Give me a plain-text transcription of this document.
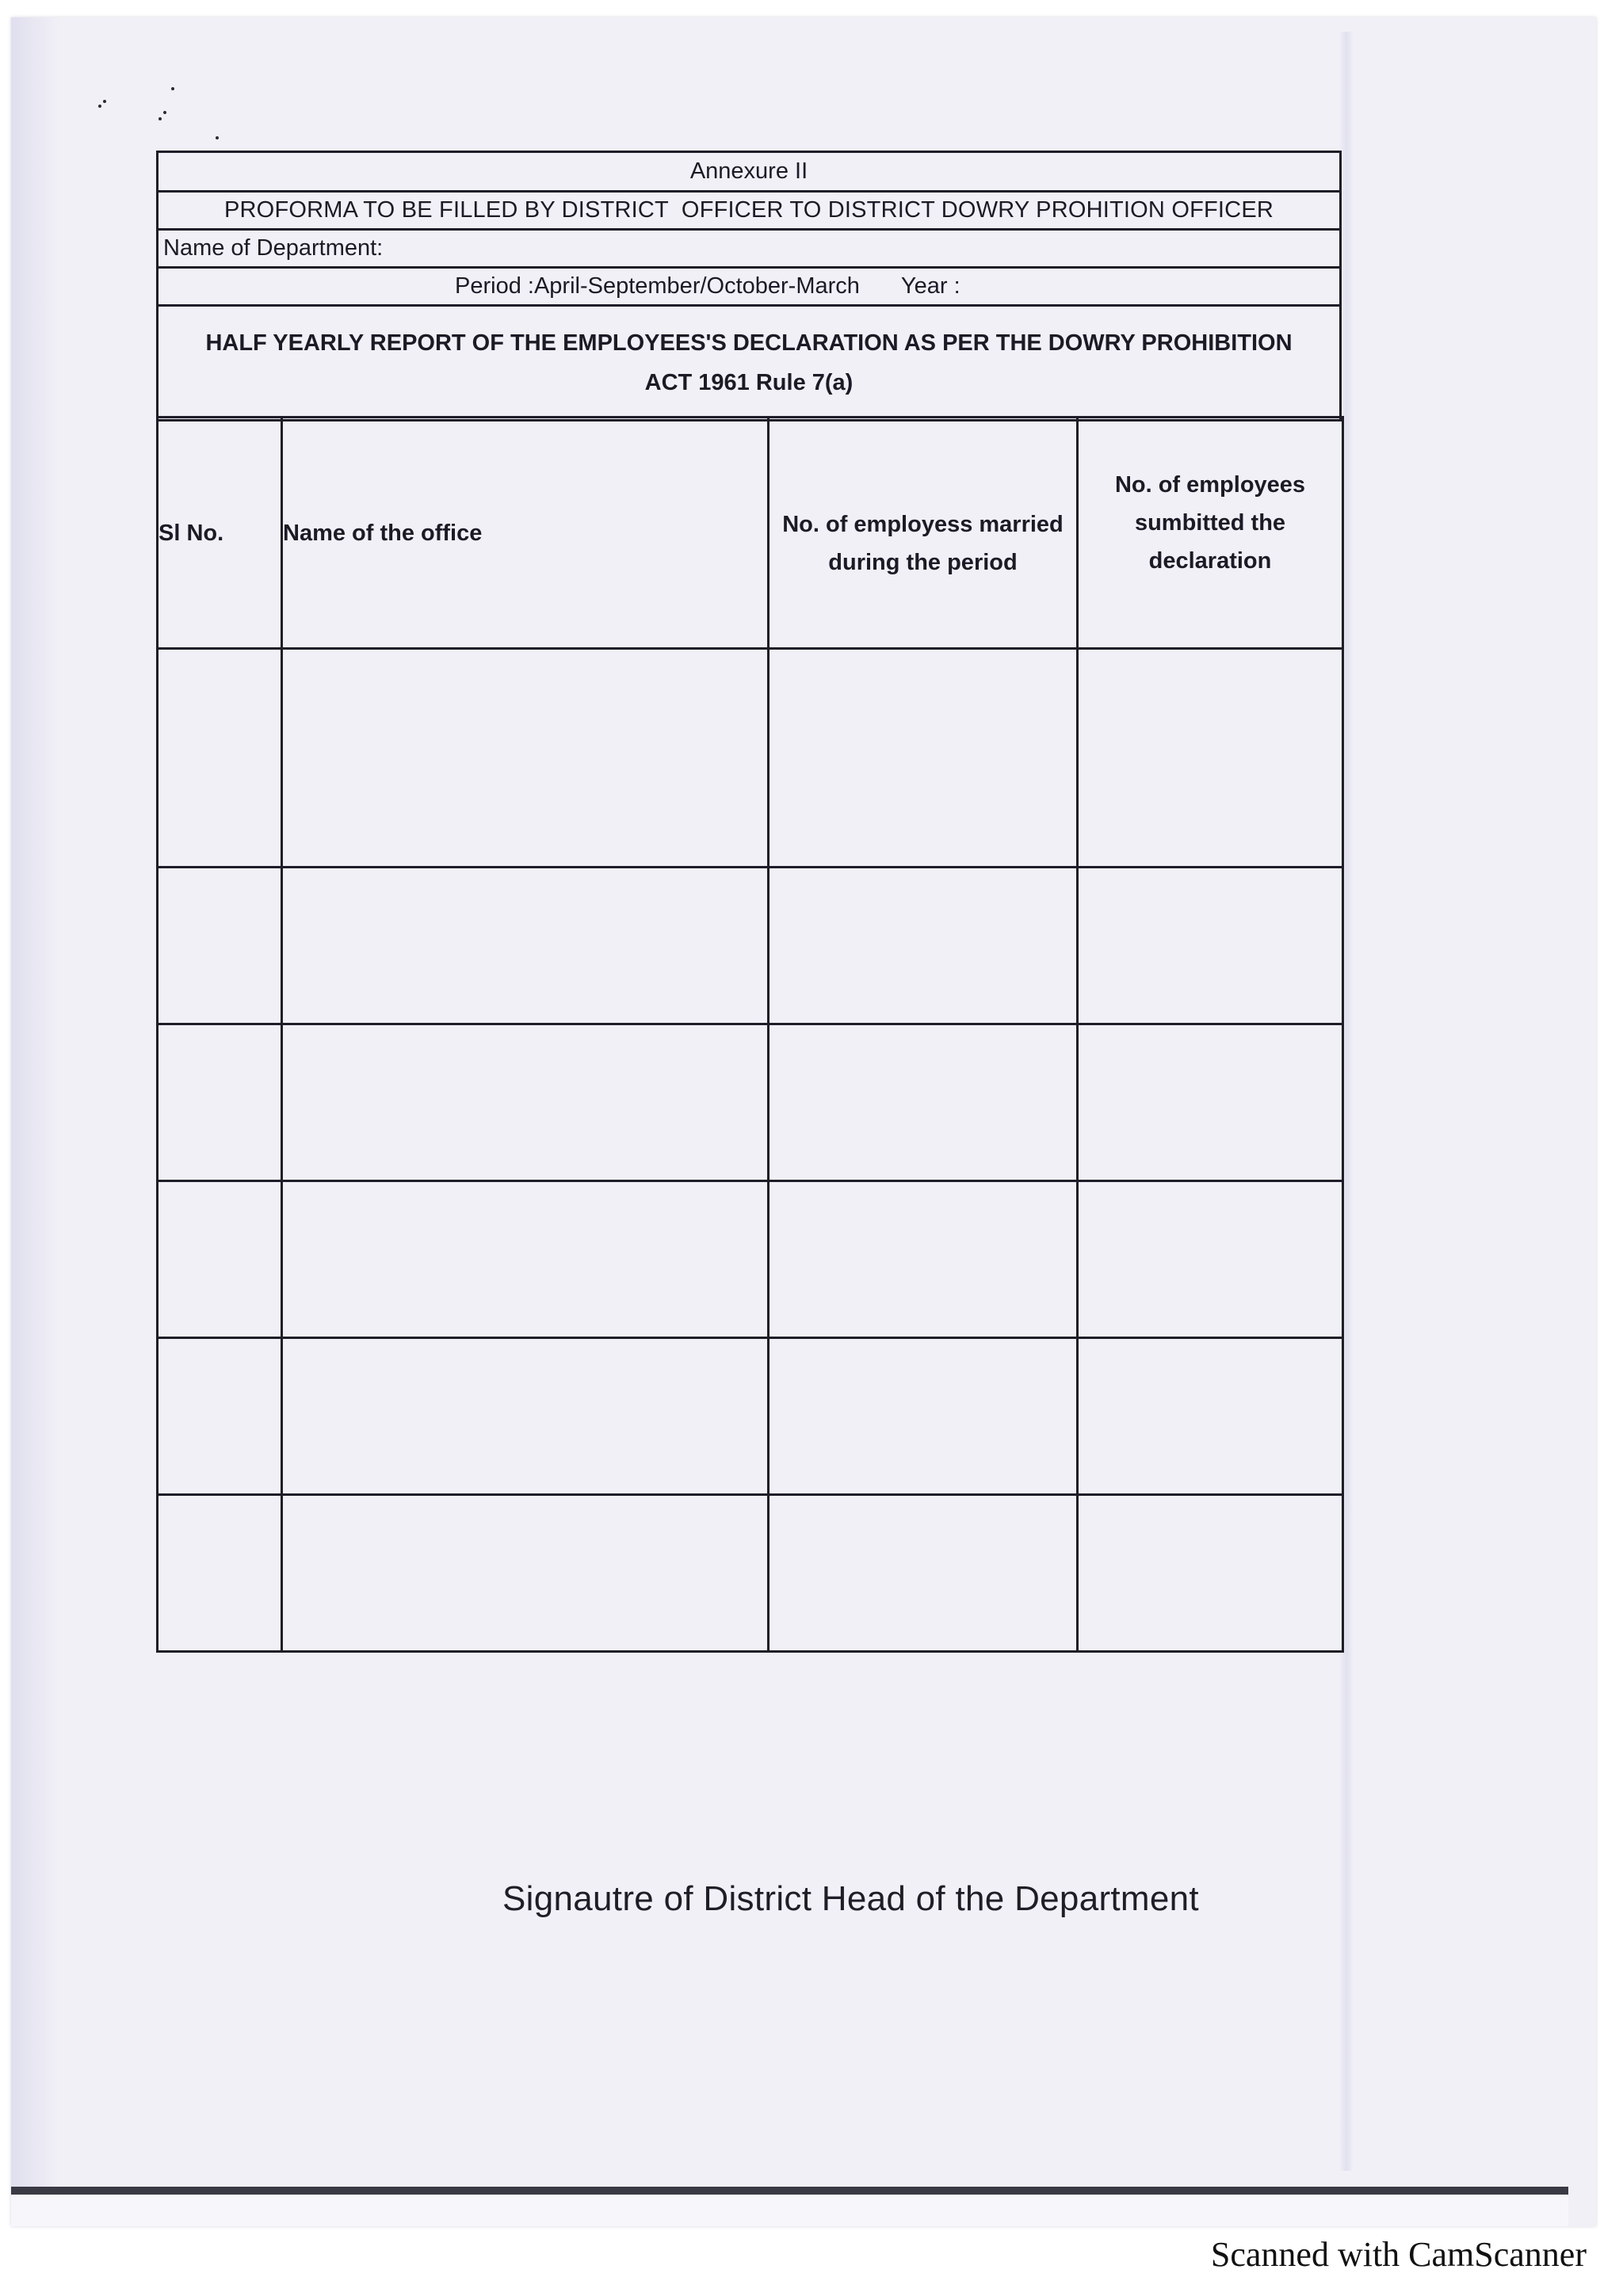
Annexure II
PROFORMA TO BE FILLED BY DISTRICT  OFFICER TO DISTRICT DOWRY PROHITION OFFICER
Name of Department:
Period :April-September/October-March Year :
HALF YEARLY REPORT OF THE EMPLOYEES'S DECLARATION AS PER THE DOWRY PROHIBITION
ACT 1961 Rule 7(a)
Sl No.	Name of the office	No. of employess married during the period	No. of employees sumbitted the declaration

Signautre of District Head of the Department
Scanned with CamScanner
